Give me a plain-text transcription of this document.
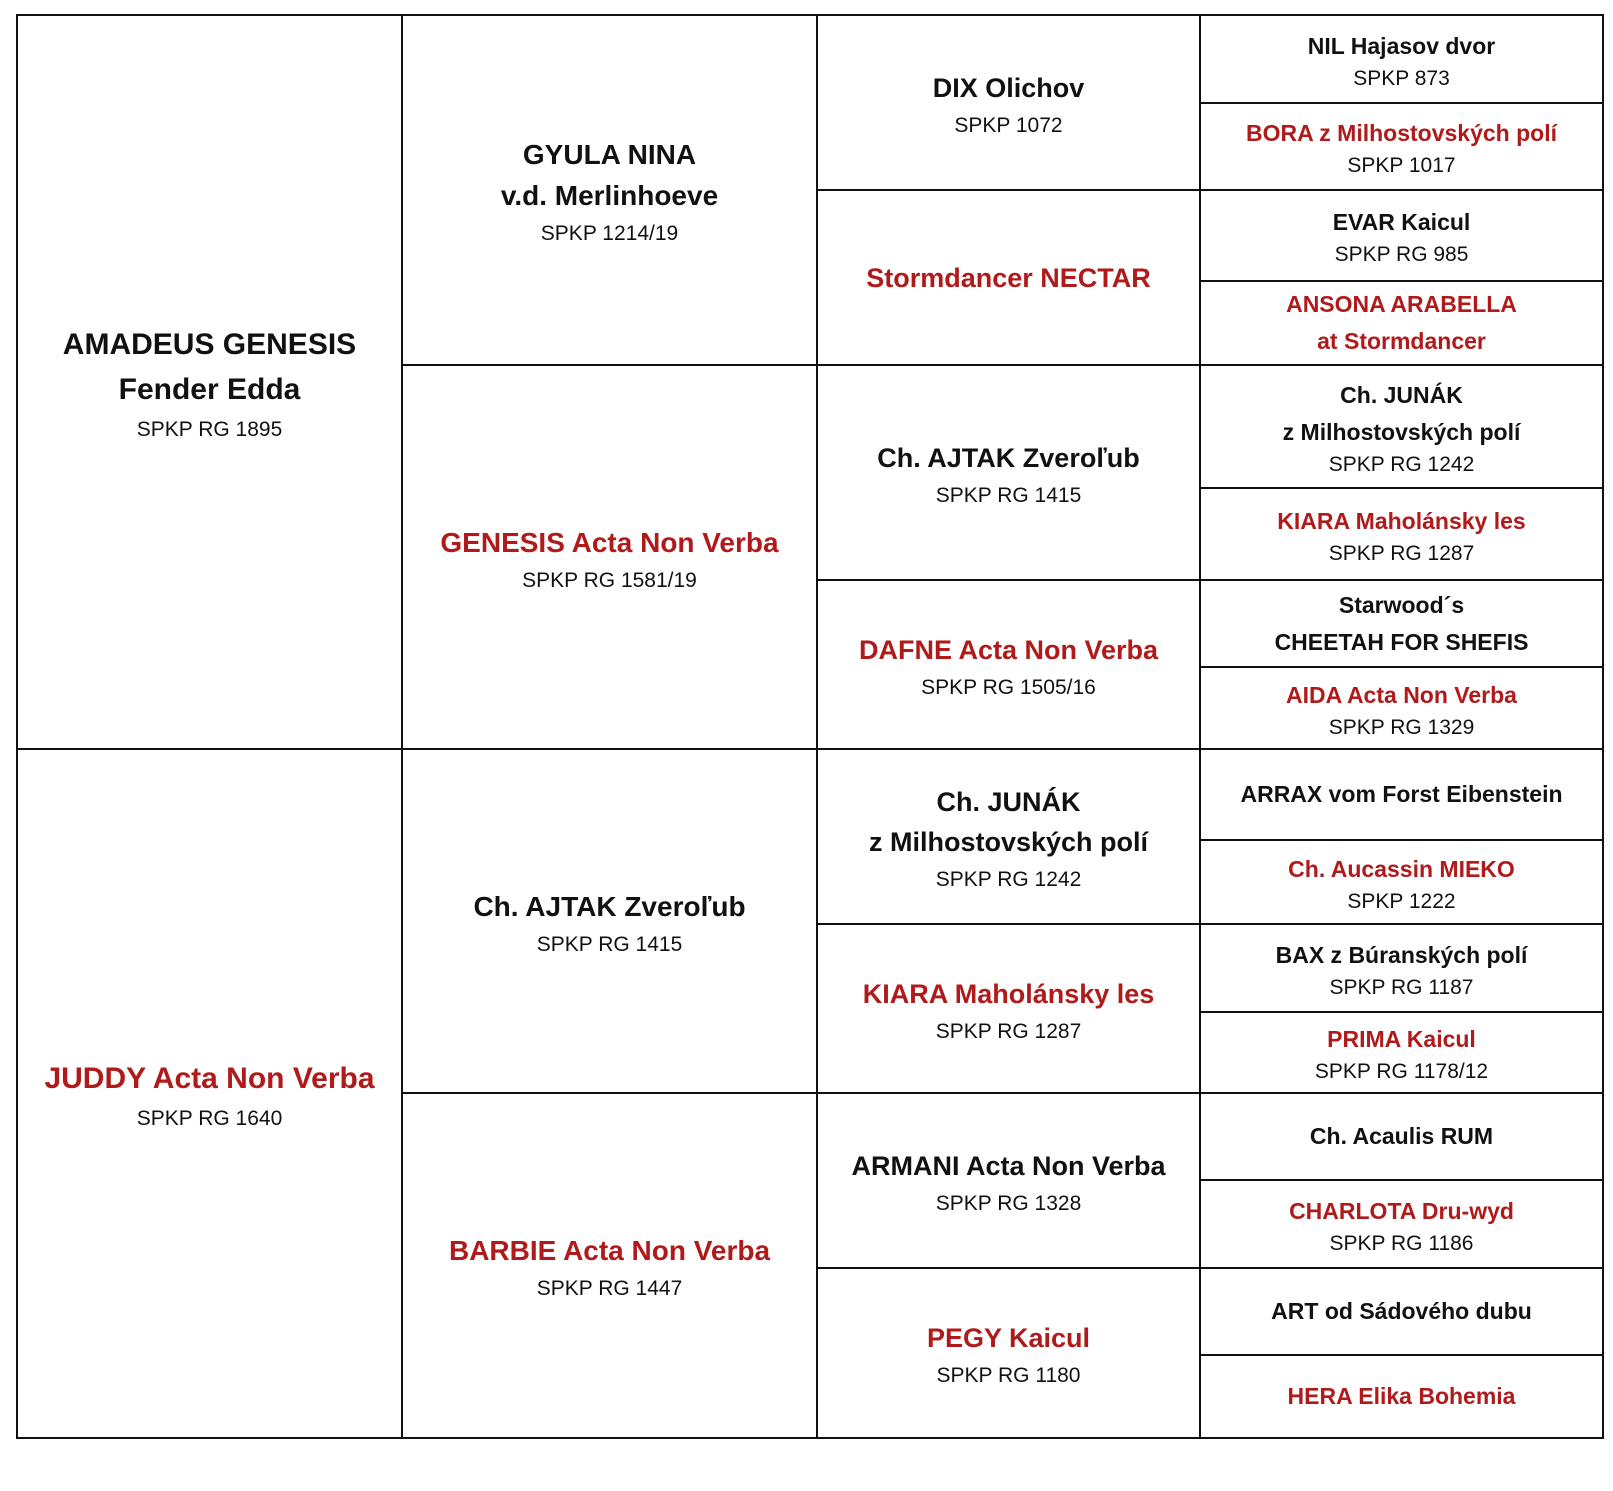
AMADEUS GENESIS
Fender Edda
SPKP RG 1895
JUDDY Acta Non Verba
SPKP RG 1640
GYULA NINA
v.d. Merlinhoeve
SPKP 1214/19
GENESIS Acta Non Verba
SPKP RG 1581/19
Ch. AJTAK Zveroľub
SPKP RG 1415
BARBIE Acta Non Verba
SPKP RG 1447
DIX Olichov
SPKP 1072
Stormdancer NECTAR
Ch. AJTAK Zveroľub
SPKP RG 1415
DAFNE Acta Non Verba
SPKP RG 1505/16
Ch. JUNÁK
z Milhostovských polí
SPKP RG 1242
KIARA Maholánsky les
SPKP RG 1287
ARMANI Acta Non Verba
SPKP RG 1328
PEGY Kaicul
SPKP RG 1180
NIL Hajasov dvor
SPKP 873
BORA z Milhostovských polí
SPKP 1017
EVAR Kaicul
SPKP RG 985
ANSONA ARABELLA
at Stormdancer
Ch. JUNÁK
z Milhostovských polí
SPKP RG 1242
KIARA Maholánsky les
SPKP RG 1287
Starwood´s
CHEETAH FOR SHEFIS
AIDA Acta Non Verba
SPKP RG 1329
ARRAX vom Forst Eibenstein
Ch. Aucassin MIEKO
SPKP 1222
BAX z Búranských polí
SPKP RG 1187
PRIMA Kaicul
SPKP RG 1178/12
Ch. Acaulis RUM
CHARLOTA Dru-wyd
SPKP RG 1186
ART od Sádového dubu
HERA Elika Bohemia
